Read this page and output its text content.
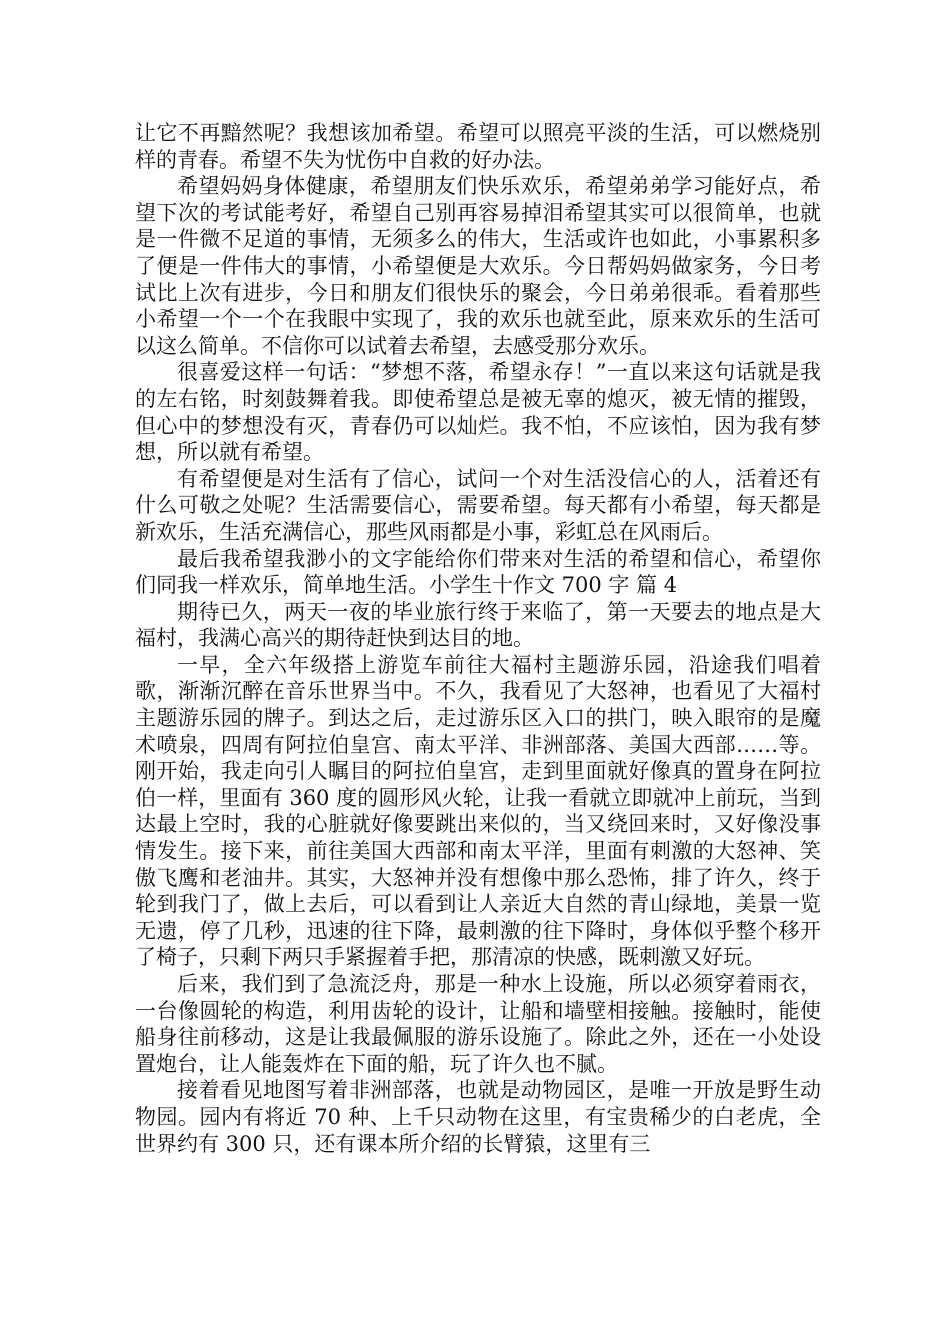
让它不再黯然呢？我想该加希望。希望可以照亮平淡的生活，可以燃烧别样的青春。希望不失为忧伤中自救的好办法。

希望妈妈身体健康，希望朋友们快乐欢乐，希望弟弟学习能好点，希望下次的考试能考好，希望自己别再容易掉泪希望其实可以很简单，也就是一件微不足道的事情，无须多么的伟大，生活或许也如此，小事累积多了便是一件伟大的事情，小希望便是大欢乐。今日帮妈妈做家务，今日考试比上次有进步，今日和朋友们很快乐的聚会，今日弟弟很乖。看着那些小希望一个一个在我眼中实现了，我的欢乐也就至此，原来欢乐的生活可以这么简单。不信你可以试着去希望，去感受那分欢乐。

很喜爱这样一句话：“梦想不落，希望永存！”一直以来这句话就是我的左右铭，时刻鼓舞着我。即使希望总是被无辜的熄灭，被无情的摧毁，但心中的梦想没有灭，青春仍可以灿烂。我不怕，不应该怕，因为我有梦想，所以就有希望。

有希望便是对生活有了信心，试问一个对生活没信心的人，活着还有什么可敬之处呢？生活需要信心，需要希望。每天都有小希望，每天都是新欢乐，生活充满信心，那些风雨都是小事，彩虹总在风雨后。

最后我希望我渺小的文字能给你们带来对生活的希望和信心，希望你们同我一样欢乐，简单地生活。小学生十作文 700 字 篇 4

期待已久，两天一夜的毕业旅行终于来临了，第一天要去的地点是大福村，我满心高兴的期待赶快到达目的地。

一早，全六年级搭上游览车前往大福村主题游乐园，沿途我们唱着歌，渐渐沉醉在音乐世界当中。不久，我看见了大怒神，也看见了大福村主题游乐园的牌子。到达之后，走过游乐区入口的拱门，映入眼帘的是魔术喷泉，四周有阿拉伯皇宫、南太平洋、非洲部落、美国大西部……等。刚开始，我走向引人瞩目的阿拉伯皇宫，走到里面就好像真的置身在阿拉伯一样，里面有 360 度的圆形风火轮，让我一看就立即就冲上前玩，当到达最上空时，我的心脏就好像要跳出来似的，当又绕回来时，又好像没事情发生。接下来，前往美国大西部和南太平洋，里面有刺激的大怒神、笑傲飞鹰和老油井。其实，大怒神并没有想像中那么恐怖，排了许久，终于轮到我门了，做上去后，可以看到让人亲近大自然的青山绿地，美景一览无遗，停了几秒，迅速的往下降，最刺激的往下降时，身体似乎整个移开了椅子，只剩下两只手紧握着手把，那清凉的快感，既刺激又好玩。

后来，我们到了急流泛舟，那是一种水上设施，所以必须穿着雨衣，一台像圆轮的构造，利用齿轮的设计，让船和墙壁相接触。接触时，能使船身往前移动，这是让我最佩服的游乐设施了。除此之外，还在一小处设置炮台，让人能轰炸在下面的船，玩了许久也不腻。

接着看见地图写着非洲部落，也就是动物园区，是唯一开放是野生动物园。园内有将近 70 种、上千只动物在这里，有宝贵稀少的白老虎，全世界约有 300 只，还有课本所介绍的长臂猿，这里有三
